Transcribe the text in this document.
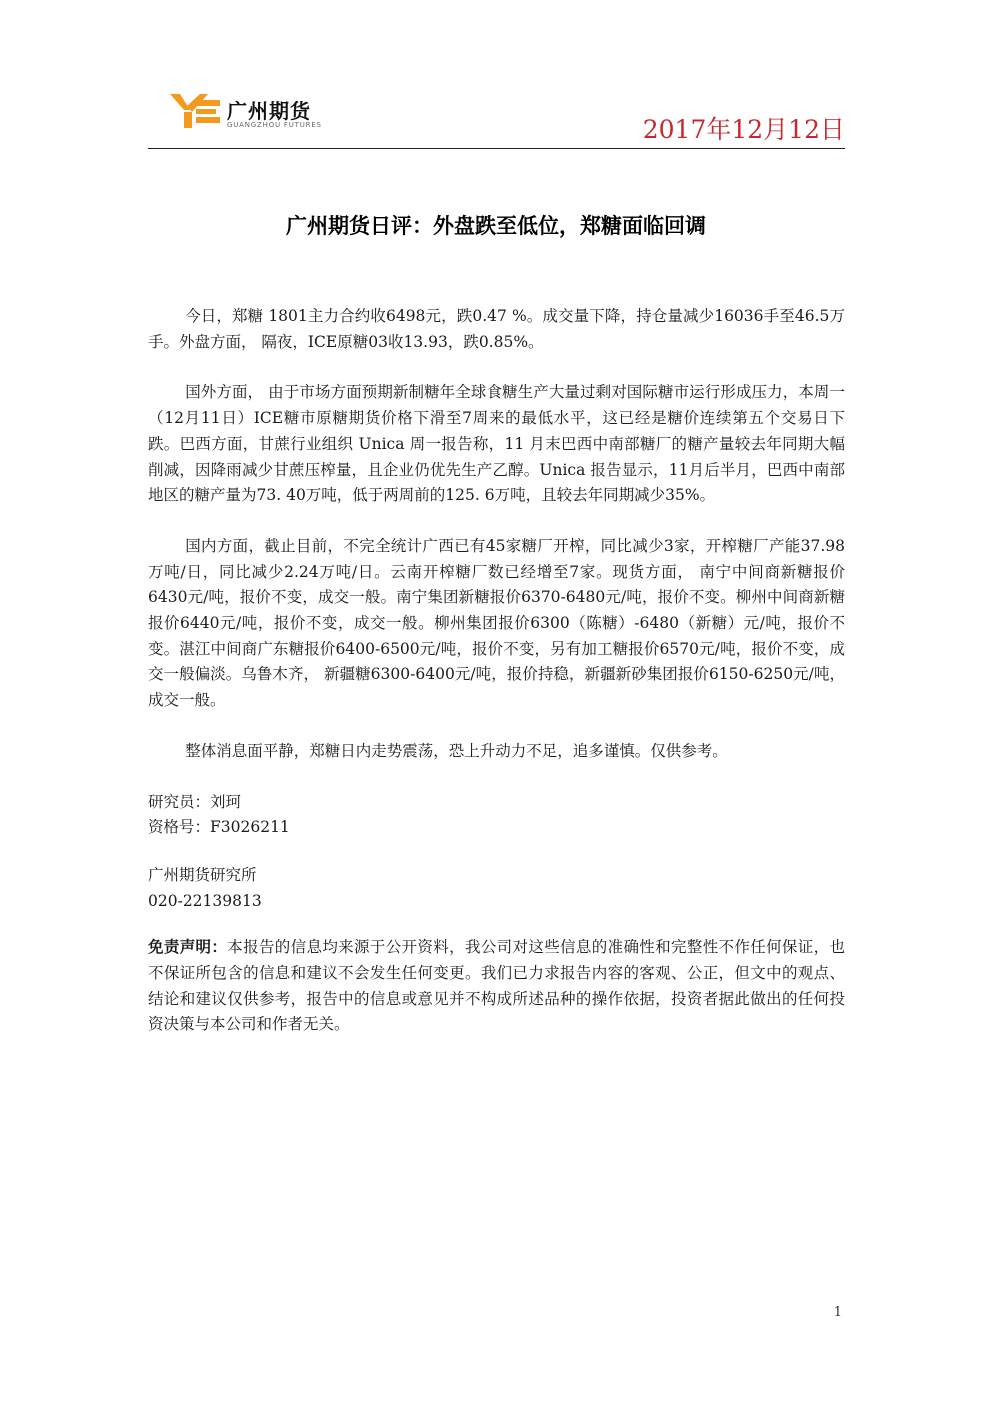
广州期货
GUANGZHOU FUTURES	2017年12月12日
广州期货日评：外盘跌至低位，郑糖面临回调

今日，郑糖 1801主力合约收6498元，跌0.47 %。成交量下降，持仓量减少16036手至46.5万手。外盘方面， 隔夜，ICE原糖03收13.93，跌0.85%。

国外方面， 由于市场方面预期新制糖年全球食糖生产大量过剩对国际糖市运行形成压力，本周一（12月11日）ICE糖市原糖期货价格下滑至7周来的最低水平，这已经是糖价连续第五个交易日下跌。巴西方面，甘蔗行业组织 Unica 周一报告称，11 月末巴西中南部糖厂的糖产量较去年同期大幅削减，因降雨减少甘蔗压榨量，且企业仍优先生产乙醇。Unica 报告显示，11月后半月，巴西中南部地区的糖产量为73. 40万吨，低于两周前的125. 6万吨，且较去年同期减少35%。

国内方面，截止目前，不完全统计广西已有45家糖厂开榨，同比减少3家，开榨糖厂产能37.98万吨/日，同比减少2.24万吨/日。云南开榨糖厂数已经增至7家。现货方面， 南宁中间商新糖报价6430元/吨，报价不变，成交一般。南宁集团新糖报价6370-6480元/吨，报价不变。柳州中间商新糖报价6440元/吨，报价不变，成交一般。柳州集团报价6300（陈糖）-6480（新糖）元/吨，报价不变。湛江中间商广东糖报价6400-6500元/吨，报价不变，另有加工糖报价6570元/吨，报价不变，成交一般偏淡。乌鲁木齐， 新疆糖6300-6400元/吨，报价持稳，新疆新砂集团报价6150-6250元/吨，成交一般。

整体消息面平静，郑糖日内走势震荡，恐上升动力不足，追多谨慎。仅供参考。

研究员：刘珂

资格号：F3026211

广州期货研究所

020-22139813

免责声明：本报告的信息均来源于公开资料，我公司对这些信息的准确性和完整性不作任何保证，也不保证所包含的信息和建议不会发生任何变更。我们已力求报告内容的客观、公正，但文中的观点、结论和建议仅供参考，报告中的信息或意见并不构成所述品种的操作依据，投资者据此做出的任何投资决策与本公司和作者无关。

1
